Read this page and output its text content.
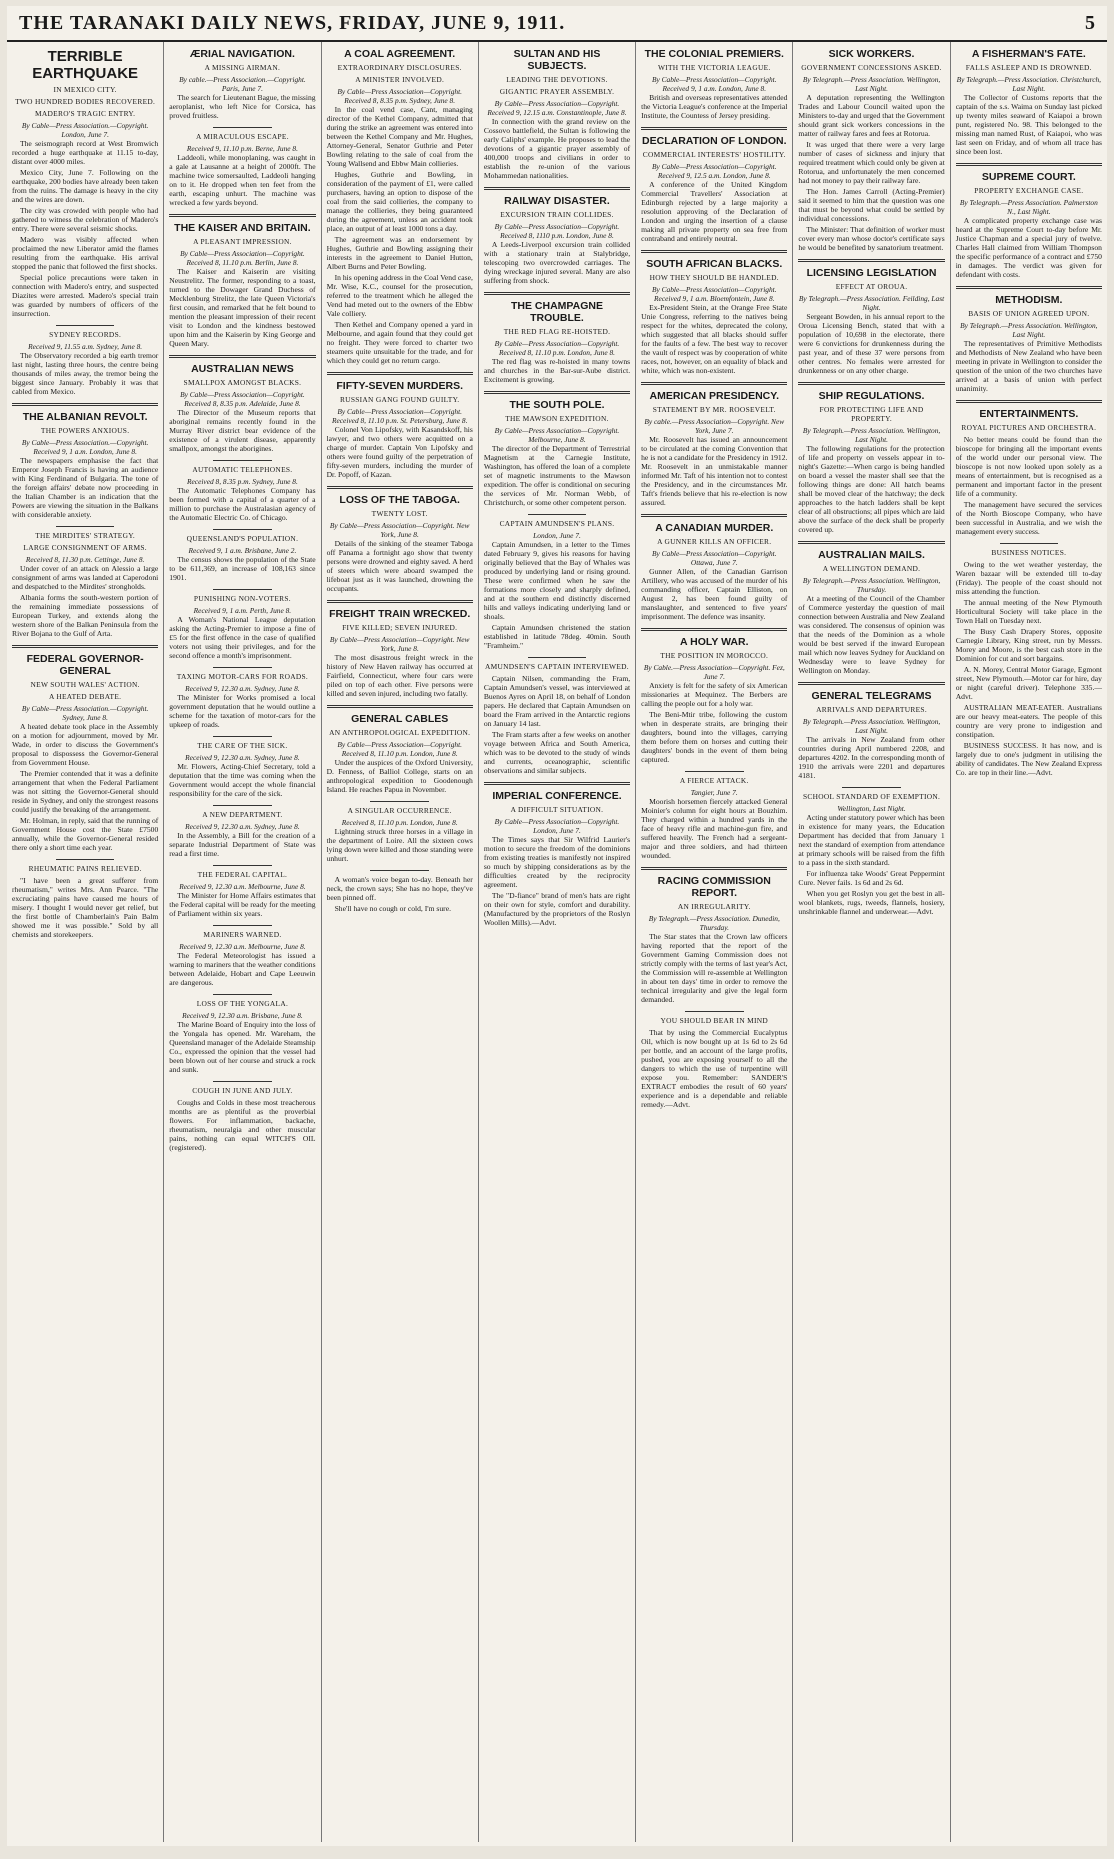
THE TARANAKI DAILY NEWS, FRIDAY, JUNE 9, 1911.	5
TERRIBLE EARTHQUAKE
IN MEXICO CITY.
TWO HUNDRED BODIES RECOVERED.
MADERO'S TRAGIC ENTRY.
By Cable—Press Association.—Copyright. London, June 7.

The seismograph record at West Bromwich recorded a huge earthquake at 11.15 to-day, distant over 4000 miles.

Mexico City, June 7. Following on the earthquake, 200 bodies have already been taken from the ruins. The damage is heavy in the city and the wires are down.

The city was crowded with people who had gathered to witness the celebration of Madero's entry. There were several seismic shocks.

Madero was visibly affected when proclaimed the new Liberator amid the flames resulting from the earthquake. His arrival stopped the panic that followed the first shocks.

Special police precautions were taken in connection with Madero's entry, and suspected Diazites were arrested. Madero's special train was guarded by numbers of officers of the insurrection.

SYDNEY RECORDS.
Received 9, 11.55 a.m. Sydney, June 8.

The Observatory recorded a big earth tremor last night, lasting three hours, the centre being thousands of miles away, the tremor being the biggest since January. Probably it was that cabled from Mexico.

THE ALBANIAN REVOLT.
THE POWERS ANXIOUS.
By Cable—Press Association.—Copyright. Received 9, 1 a.m. London, June 8.

The newspapers emphasise the fact that Emperor Joseph Francis is having an audience with King Ferdinand of Bulgaria. The tone of the foreign affairs' debate now proceeding in the Italian Chamber is an indication that the Powers are viewing the situation in the Balkans with considerable anxiety.

THE MIRDITES' STRATEGY.
LARGE CONSIGNMENT OF ARMS.
Received 8, 11.30 p.m. Cettinge, June 8.

Under cover of an attack on Alessio a large consignment of arms was landed at Caperodoni and despatched to the Mirdites' strongholds.

Albania forms the south-western portion of the remaining immediate possessions of European Turkey, and extends along the western shore of the Balkan Peninsula from the River Bojana to the Gulf of Arta.

FEDERAL GOVERNOR-GENERAL
NEW SOUTH WALES' ACTION.
A HEATED DEBATE.
By Cable—Press Association.—Copyright. Sydney, June 8.

A heated debate took place in the Assembly on a motion for adjournment, moved by Mr. Wade, in order to discuss the Government's proposal to dispossess the Governor-General from Government House.

The Premier contended that it was a definite arrangement that when the Federal Parliament was not sitting the Governor-General should reside in Sydney, and only the strongest reasons could justify the breaking of the arrangement.

Mr. Holman, in reply, said that the running of Government House cost the State £7500 annually, while the Governor-General resided there only a short time each year.

RHEUMATIC PAINS RELIEVED.

"I have been a great sufferer from rheumatism," writes Mrs. Ann Pearce. "The excruciating pains have caused me hours of misery. I thought I would never get relief, but the first bottle of Chamberlain's Pain Balm showed me it was possible." Sold by all chemists and storekeepers.

ÆRIAL NAVIGATION.
A MISSING AIRMAN.
By cable.—Press Association.—Copyright. Paris, June 7.

The search for Lieutenant Bague, the missing aeroplanist, who left Nice for Corsica, has proved fruitless.

A MIRACULOUS ESCAPE.
Received 9, 11.10 p.m. Berne, June 8.

Laddeoli, while monoplaning, was caught in a gale at Lausanne at a height of 2000ft. The machine twice somersaulted, Laddeoli hanging on to it. He dropped when ten feet from the earth, escaping unhurt. The machine was wrecked a few yards beyond.

THE KAISER AND BRITAIN.
A PLEASANT IMPRESSION.
By Cable—Press Association—Copyright. Received 8, 11.10 p.m. Berlin, June 8.

The Kaiser and Kaiserin are visiting Neustrelitz. The former, responding to a toast, turned to the Dowager Grand Duchess of Mecklenburg Strelitz, the late Queen Victoria's first cousin, and remarked that he felt bound to mention the pleasant impression of their recent visit to London and the kindness bestowed upon him and the Kaiserin by King George and Queen Mary.

AUSTRALIAN NEWS
SMALLPOX AMONGST BLACKS.
By Cable—Press Association—Copyright. Received 8, 8.35 p.m. Adelaide, June 8.

The Director of the Museum reports that aboriginal remains recently found in the Murray River district bear evidence of the existence of a virulent disease, apparently smallpox, amongst the aborigines.

AUTOMATIC TELEPHONES.
Received 8, 8.35 p.m. Sydney, June 8.

The Automatic Telephones Company has been formed with a capital of a quarter of a million to purchase the Australasian agency of the Automatic Electric Co. of Chicago.

QUEENSLAND'S POPULATION.
Received 9, 1 a.m. Brisbane, June 2.

The census shows the population of the State to be 611,369, an increase of 108,163 since 1901.

PUNISHING NON-VOTERS.
Received 9, 1 a.m. Perth, June 8.

A Woman's National League deputation asking the Acting-Premier to impose a fine of £5 for the first offence in the case of qualified voters not using their privileges, and for the second offence a month's imprisonment.

TAXING MOTOR-CARS FOR ROADS.
Received 9, 12.30 a.m. Sydney, June 8.

The Minister for Works promised a local government deputation that he would outline a scheme for the taxation of motor-cars for the upkeep of roads.

THE CARE OF THE SICK.
Received 9, 12.30 a.m. Sydney, June 8.

Mr. Flowers, Acting-Chief Secretary, told a deputation that the time was coming when the Government would accept the whole financial responsibility for the care of the sick.

A NEW DEPARTMENT.
Received 9, 12.30 a.m. Sydney, June 8.

In the Assembly, a Bill for the creation of a separate Industrial Department of State was read a first time.

THE FEDERAL CAPITAL.
Received 9, 12.30 a.m. Melbourne, June 8.

The Minister for Home Affairs estimates that the Federal capital will be ready for the meeting of Parliament within six years.

MARINERS WARNED.
Received 9, 12.30 a.m. Melbourne, June 8.

The Federal Meteorologist has issued a warning to mariners that the weather conditions between Adelaide, Hobart and Cape Leeuwin are dangerous.

LOSS OF THE YONGALA.
Received 9, 12.30 a.m. Brisbane, June 8.

The Marine Board of Enquiry into the loss of the Yongala has opened. Mr. Wareham, the Queensland manager of the Adelaide Steamship Co., expressed the opinion that the vessel had been blown out of her course and struck a rock and sunk.

COUGH IN JUNE AND JULY.

Coughs and Colds in these most treacherous months are as plentiful as the proverbial flowers. For inflammation, backache, rheumatism, neuralgia and other muscular pains, nothing can equal WITCH'S OIL (registered).

A COAL AGREEMENT.
EXTRAORDINARY DISCLOSURES.
A MINISTER INVOLVED.
By Cable—Press Association—Copyright. Received 8, 8.35 p.m. Sydney, June 8.

In the coal vend case, Cant, managing director of the Kethel Company, admitted that during the strike an agreement was entered into between the Kethel Company and Mr. Hughes, Attorney-General, Senator Guthrie and Peter Bowling relating to the sale of coal from the Young Wallsend and Ebbw Main collieries.

Hughes, Guthrie and Bowling, in consideration of the payment of £1, were called purchasers, having an option to dispose of the coal from the said collieries, the company to manage the collieries, they being guaranteed during the agreement, unless an accident took place, an output of at least 1000 tons a day.

The agreement was an endorsement by Hughes, Guthrie and Bowling assigning their interests in the agreement to Daniel Hutton, Albert Burns and Peter Bowling.

In his opening address in the Coal Vend case, Mr. Wise, K.C., counsel for the prosecution, referred to the treatment which he alleged the Vend had meted out to the owners of the Ebbw Vale colliery.

Then Kethel and Company opened a yard in Melbourne, and again found that they could get no freight. They were forced to charter two steamers quite unsuitable for the trade, and for which they could get no return cargo.

FIFTY-SEVEN MURDERS.
RUSSIAN GANG FOUND GUILTY.
By Cable—Press Association—Copyright. Received 8, 11.10 p.m. St. Petersburg, June 8.

Colonel Von Lipofsky, with Kasandskoff, his lawyer, and two others were acquitted on a charge of murder. Captain Von Lipofsky and others were found guilty of the perpetration of fifty-seven murders, including the murder of Dr. Popoff, of Kazan.

LOSS OF THE TABOGA.
TWENTY LOST.
By Cable—Press Association—Copyright. New York, June 8.

Details of the sinking of the steamer Taboga off Panama a fortnight ago show that twenty persons were drowned and eighty saved. A herd of steers which were aboard swamped the lifeboat just as it was launched, drowning the occupants.

FREIGHT TRAIN WRECKED.
FIVE KILLED; SEVEN INJURED.
By Cable—Press Association—Copyright. New York, June 8.

The most disastrous freight wreck in the history of New Haven railway has occurred at Fairfield, Connecticut, where four cars were piled on top of each other. Five persons were killed and seven injured, including two fatally.

GENERAL CABLES
AN ANTHROPOLOGICAL EXPEDITION.
By Cable—Press Association—Copyright. Received 8, 11.10 p.m. London, June 8.

Under the auspices of the Oxford University, D. Fenness, of Balliol College, starts on an anthropological expedition to Goodenough Island. He reaches Papua in November.

A SINGULAR OCCURRENCE.
Received 8, 11.10 p.m. London, June 8.

Lightning struck three horses in a village in the department of Loire. All the sixteen cows lying down were killed and those standing were unhurt.

A woman's voice began to-day. Beneath her neck, the crown says; She has no hope, they've been pinned off.

She'll have no cough or cold, I'm sure.

SULTAN AND HIS SUBJECTS.
LEADING THE DEVOTIONS.
GIGANTIC PRAYER ASSEMBLY.
By Cable—Press Association—Copyright. Received 9, 12.15 a.m. Constantinople, June 8.

In connection with the grand review on the Cossovo battlefield, the Sultan is following the early Caliphs' example. He proposes to lead the devotions of a gigantic prayer assembly of 400,000 troops and civilians in order to establish the re-union of the various Mohammedan nationalities.

RAILWAY DISASTER.
EXCURSION TRAIN COLLIDES.
By Cable—Press Association—Copyright. Received 8, 1110 p.m. London, June 8.

A Leeds-Liverpool excursion train collided with a stationary train at Stalybridge, telescoping two overcrowded carriages. The dying wreckage injured several. Many are also suffering from shock.

THE CHAMPAGNE TROUBLE.
THE RED FLAG RE-HOISTED.
By Cable—Press Association—Copyright. Received 8, 11.10 p.m. London, June 8.

The red flag was re-hoisted in many towns and churches in the Bar-sur-Aube district. Excitement is growing.

THE SOUTH POLE.
THE MAWSON EXPEDITION.
By Cable—Press Association—Copyright. Melbourne, June 8.

The director of the Department of Terrestrial Magnetism at the Carnegie Institute, Washington, has offered the loan of a complete set of magnetic instruments to the Mawson expedition. The offer is conditional on securing the services of Mr. Norman Webb, of Christchurch, or some other competent person.

CAPTAIN AMUNDSEN'S PLANS.
London, June 7.

Captain Amundsen, in a letter to the Times dated February 9, gives his reasons for having originally believed that the Bay of Whales was produced by underlying land or rising ground. These were confirmed when he saw the formations more closely and sharply defined, and at the southern end distinctly discerned hills and valleys indicating underlying land or shoals.

Captain Amundsen christened the station established in latitude 78deg. 40min. South "Framheim."

AMUNDSEN'S CAPTAIN INTERVIEWED.

Captain Nilsen, commanding the Fram, Captain Amundsen's vessel, was interviewed at Buenos Ayres on April 18, on behalf of London papers. He declared that Captain Amundsen on board the Fram arrived in the Antarctic regions on January 14 last.

The Fram starts after a few weeks on another voyage between Africa and South America, which was to be devoted to the study of winds and currents, oceanographic, scientific observations and similar subjects.

IMPERIAL CONFERENCE.
A DIFFICULT SITUATION.
By Cable—Press Association—Copyright. London, June 7.

The Times says that Sir Wilfrid Laurier's motion to secure the freedom of the dominions from existing treaties is manifestly not inspired so much by shipping considerations as by the difficulties created by the reciprocity agreement.

The "D-fiance" brand of men's hats are right on their own for style, comfort and durability. (Manufactured by the proprietors of the Roslyn Woollen Mills).—Advt.

THE COLONIAL PREMIERS.
WITH THE VICTORIA LEAGUE.
By Cable—Press Association—Copyright. Received 9, 1 a.m. London, June 8.

British and overseas representatives attended the Victoria League's conference at the Imperial Institute, the Countess of Jersey presiding.

DECLARATION OF LONDON.
COMMERCIAL INTERESTS' HOSTILITY.
By Cable—Press Association—Copyright. Received 9, 12.5 a.m. London, June 8.

A conference of the United Kingdom Commercial Travellers' Association at Edinburgh rejected by a large majority a resolution approving of the Declaration of London and urging the insertion of a clause making all private property on sea free from contraband and entirely neutral.

SOUTH AFRICAN BLACKS.
HOW THEY SHOULD BE HANDLED.
By Cable—Press Association—Copyright. Received 9, 1 a.m. Bloemfontein, June 8.

Ex-President Stein, at the Orange Free State Unie Congress, referring to the natives being respect for the whites, deprecated the colony, which suggested that all blacks should suffer for the faults of a few. The best way to recover the vault of respect was by cooperation of white races, not, however, on an equality of black and white, which was non-existent.

AMERICAN PRESIDENCY.
STATEMENT BY MR. ROOSEVELT.
By cable.—Press Association—Copyright. New York, June 7.

Mr. Roosevelt has issued an announcement to be circulated at the coming Convention that he is not a candidate for the Presidency in 1912. Mr. Roosevelt in an unmistakable manner informed Mr. Taft of his intention not to contest the Presidency, and in the circumstances Mr. Taft's friends believe that his re-election is now assured.

A CANADIAN MURDER.
A GUNNER KILLS AN OFFICER.
By Cable—Press Association—Copyright. Ottawa, June 7.

Gunner Allen, of the Canadian Garrison Artillery, who was accused of the murder of his commanding officer, Captain Elliston, on August 2, has been found guilty of manslaughter, and sentenced to five years' imprisonment. The defence was insanity.

A HOLY WAR.
THE POSITION IN MOROCCO.
By Cable.—Press Association—Copyright. Fez, June 7.

Anxiety is felt for the safety of six American missionaries at Mequinez. The Berbers are calling the people out for a holy war.

The Beni-Mtir tribe, following the custom when in desperate straits, are bringing their daughters, bound into the villages, carrying them before them on horses and cutting their daughters' bonds in the event of them being captured.

A FIERCE ATTACK.
Tangier, June 7.

Moorish horsemen fiercely attacked General Moinier's column for eight hours at Bouzhim. They charged within a hundred yards in the face of heavy rifle and machine-gun fire, and suffered heavily. The French had a sergeant-major and three soldiers, and had thirteen wounded.

RACING COMMISSION REPORT.
AN IRREGULARITY.
By Telegraph.—Press Association. Dunedin, Thursday.

The Star states that the Crown law officers having reported that the report of the Government Gaming Commission does not strictly comply with the terms of last year's Act, the Commission will re-assemble at Wellington in about ten days' time in order to remove the technical irregularity and give the legal form demanded.

YOU SHOULD BEAR IN MIND

That by using the Commercial Eucalyptus Oil, which is now bought up at 1s 6d to 2s 6d per bottle, and an account of the large profits, pushed, you are exposing yourself to all the dangers to which the use of turpentine will expose you. Remember: SANDER'S EXTRACT embodies the result of 60 years' experience and is a dependable and reliable remedy.—Advt.

SICK WORKERS.
GOVERNMENT CONCESSIONS ASKED.
By Telegraph.—Press Association. Wellington, Last Night.

A deputation representing the Wellington Trades and Labour Council waited upon the Ministers to-day and urged that the Government should grant sick workers concessions in the matter of railway fares and fees at Rotorua.

It was urged that there were a very large number of cases of sickness and injury that required treatment which could only be given at Rotorua, and unfortunately the men concerned had not money to pay their railway fare.

The Hon. James Carroll (Acting-Premier) said it seemed to him that the question was one that must be beyond what could be settled by individual concessions.

The Minister: That definition of worker must cover every man whose doctor's certificate says he would be benefited by sanatorium treatment.

LICENSING LEGISLATION
EFFECT AT OROUA.
By Telegraph.—Press Association. Feilding, Last Night.

Sergeant Bowden, in his annual report to the Oroua Licensing Bench, stated that with a population of 10,698 in the electorate, there were 6 convictions for drunkenness during the past year, and of these 37 were persons from other centres. No females were arrested for drunkenness or on any other charge.

SHIP REGULATIONS.
FOR PROTECTING LIFE AND PROPERTY.
By Telegraph.—Press Association. Wellington, Last Night.

The following regulations for the protection of life and property on vessels appear in to-night's Gazette:—When cargo is being handled on board a vessel the master shall see that the following things are done: All hatch beams shall be moved clear of the hatchway; the deck approaches to the hatch ladders shall be kept clear of all obstructions; all pipes which are laid above the surface of the deck shall be properly covered up.

AUSTRALIAN MAILS.
A WELLINGTON DEMAND.
By Telegraph.—Press Association. Wellington, Thursday.

At a meeting of the Council of the Chamber of Commerce yesterday the question of mail connection between Australia and New Zealand was considered. The consensus of opinion was that the needs of the Dominion as a whole would be best served if the inward European mail which now leaves Sydney for Auckland on Wednesday were to leave Sydney for Wellington on Monday.

GENERAL TELEGRAMS
ARRIVALS AND DEPARTURES.
By Telegraph.—Press Association. Wellington, Last Night.

The arrivals in New Zealand from other countries during April numbered 2208, and departures 4202. In the corresponding month of 1910 the arrivals were 2201 and departures 4181.

SCHOOL STANDARD OF EXEMPTION.
Wellington, Last Night.

Acting under statutory power which has been in existence for many years, the Education Department has decided that from January 1 next the standard of exemption from attendance at primary schools will be raised from the fifth to a pass in the sixth standard.

For influenza take Woods' Great Peppermint Cure. Never fails. 1s 6d and 2s 6d.

When you get Roslyn you get the best in all-wool blankets, rugs, tweeds, flannels, hosiery, unshrinkable flannel and underwear.—Advt.

A FISHERMAN'S FATE.
FALLS ASLEEP AND IS DROWNED.
By Telegraph.—Press Association. Christchurch, Last Night.

The Collector of Customs reports that the captain of the s.s. Waima on Sunday last picked up twenty miles seaward of Kaiapoi a brown punt, registered No. 98. This belonged to the missing man named Rust, of Kaiapoi, who was last seen on Friday, and of whom all trace has since been lost.

SUPREME COURT.
PROPERTY EXCHANGE CASE.
By Telegraph.—Press Association. Palmerston N., Last Night.

A complicated property exchange case was heard at the Supreme Court to-day before Mr. Justice Chapman and a special jury of twelve. Charles Hall claimed from William Thompson the specific performance of a contract and £750 in damages. The verdict was given for defendant with costs.

METHODISM.
BASIS OF UNION AGREED UPON.
By Telegraph.—Press Association. Wellington, Last Night.

The representatives of Primitive Methodists and Methodists of New Zealand who have been meeting in private in Wellington to consider the question of the union of the two churches have arrived at a basis of union with perfect unanimity.

ENTERTAINMENTS.
ROYAL PICTURES AND ORCHESTRA.

No better means could be found than the bioscope for bringing all the important events of the world under our personal view. The bioscope is not now looked upon solely as a means of entertainment, but is recognised as a permanent and important factor in the present life of a community.

The management have secured the services of the North Bioscope Company, who have been successful in Australia, and we wish the management every success.

BUSINESS NOTICES.

Owing to the wet weather yesterday, the Waren bazaar will be extended till to-day (Friday). The people of the coast should not miss attending the function.

The annual meeting of the New Plymouth Horticultural Society will take place in the Town Hall on Tuesday next.

The Busy Cash Drapery Stores, opposite Carnegie Library, King street, run by Messrs. Morey and Moore, is the best cash store in the Dominion for cut and sort bargains.

A. N. Morey, Central Motor Garage, Egmont street, New Plymouth.—Motor car for hire, day or night (careful driver). Telephone 335.—Advt.

AUSTRALIAN MEAT-EATER. Australians are our heavy meat-eaters. The people of this country are very prone to indigestion and constipation.

BUSINESS SUCCESS. It has now, and is largely due to one's judgment in utilising the ability of candidates. The New Zealand Express Co. are top in their line.—Advt.
